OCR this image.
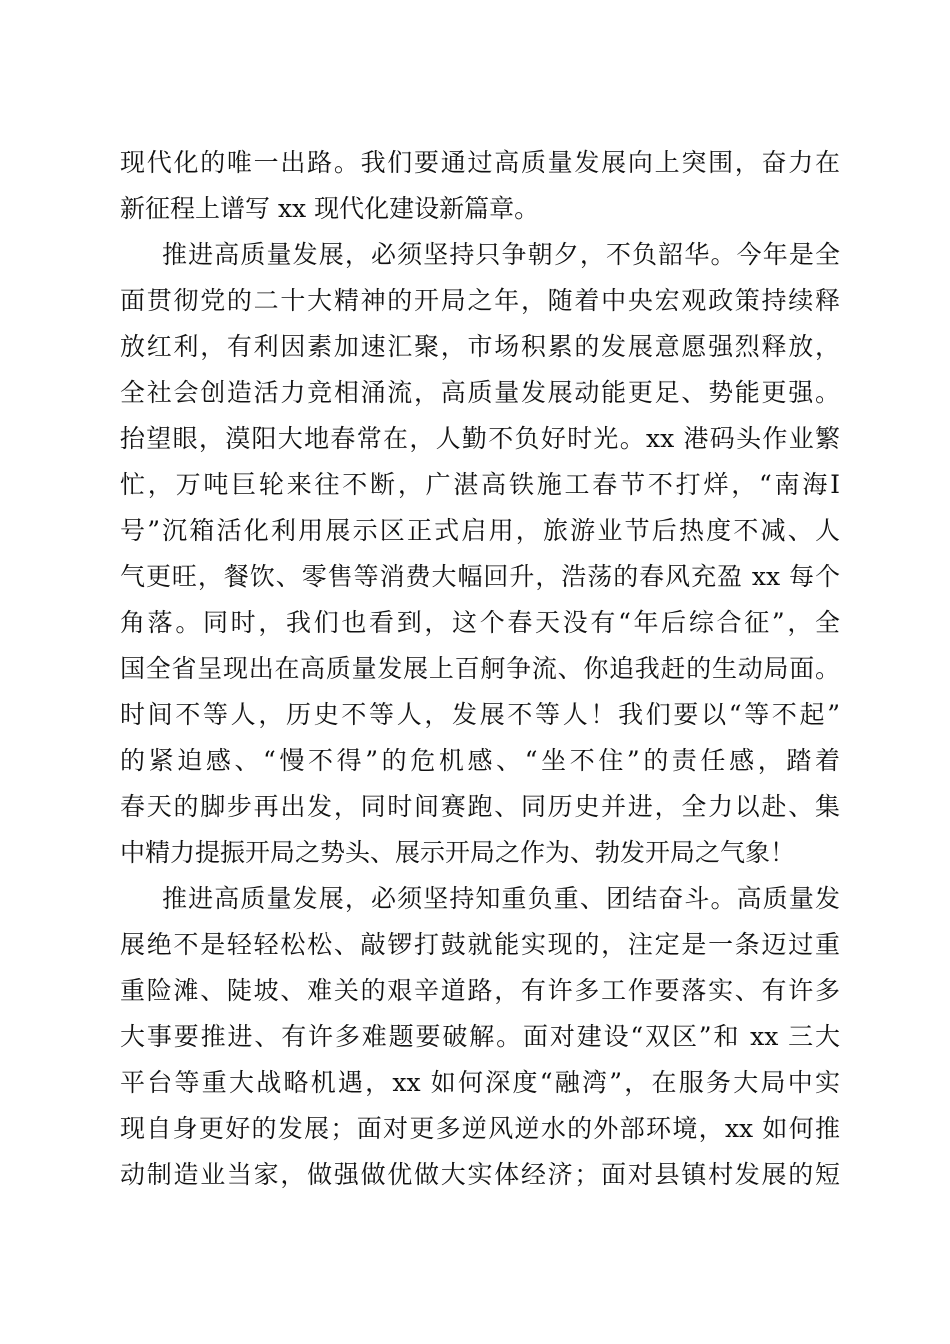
现代化的唯一出路。我们要通过高质量发展向上突围，奋力在
新征程上谱写 xx 现代化建设新篇章。
推进高质量发展，必须坚持只争朝夕，不负韶华。今年是全
面贯彻党的二十大精神的开局之年，随着中央宏观政策持续释
放红利，有利因素加速汇聚，市场积累的发展意愿强烈释放，
全社会创造活力竞相涌流，高质量发展动能更足、势能更强。
抬望眼，漠阳大地春常在，人勤不负好时光。xx 港码头作业繁
忙，万吨巨轮来往不断，广湛高铁施工春节不打烊，“南海Ⅰ
号”沉箱活化利用展示区正式启用，旅游业节后热度不减、人
气更旺，餐饮、零售等消费大幅回升，浩荡的春风充盈 xx 每个
角落。同时，我们也看到，这个春天没有“年后综合征”，全
国全省呈现出在高质量发展上百舸争流、你追我赶的生动局面。
时间不等人，历史不等人，发展不等人！我们要以“等不起”
的紧迫感、“慢不得”的危机感、“坐不住”的责任感，踏着
春天的脚步再出发，同时间赛跑、同历史并进，全力以赴、集
中精力提振开局之势头、展示开局之作为、勃发开局之气象！
推进高质量发展，必须坚持知重负重、团结奋斗。高质量发
展绝不是轻轻松松、敲锣打鼓就能实现的，注定是一条迈过重
重险滩、陡坡、难关的艰辛道路，有许多工作要落实、有许多
大事要推进、有许多难题要破解。面对建设“双区”和 xx 三大
平台等重大战略机遇，xx 如何深度“融湾”，在服务大局中实
现自身更好的发展；面对更多逆风逆水的外部环境，xx 如何推
动制造业当家，做强做优做大实体经济；面对县镇村发展的短
